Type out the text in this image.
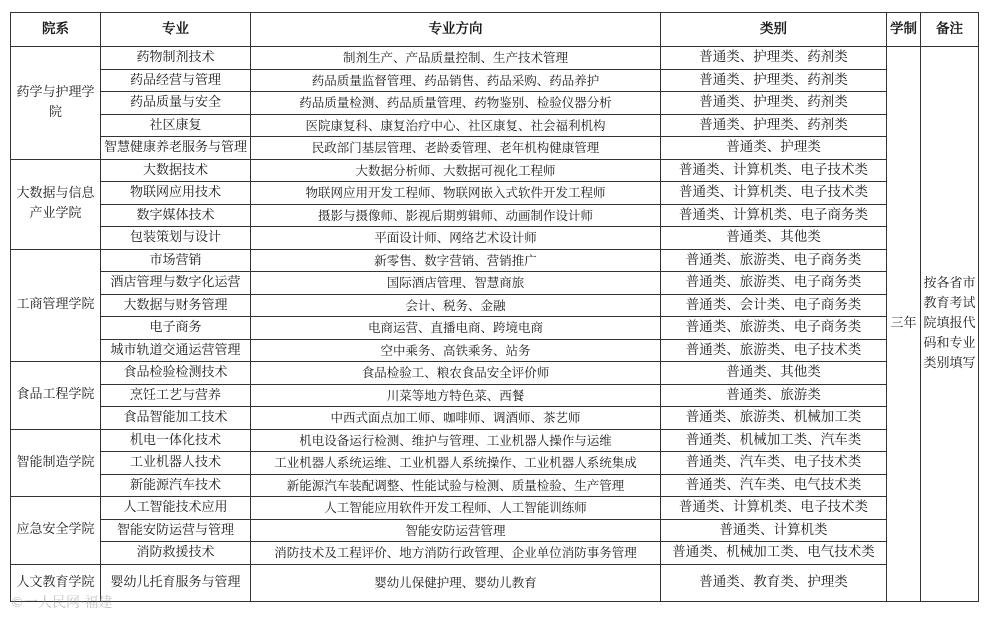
院系	专业	专业方向	类别	学制	备注
药学与护理学院	药物制剂技术	制剂生产、产品质量控制、生产技术管理	普通类、护理类、药剂类	三年	按各省市教育考试院填报代码和专业类别填写
	药品经营与管理	药品质量监督管理、药品销售、药品采购、药品养护	普通类、护理类、药剂类		
	药品质量与安全	药品质量检测、药品质量管理、药物鉴别、检验仪器分析	普通类、护理类、药剂类		
	社区康复	医院康复科、康复治疗中心、社区康复、社会福利机构	普通类、护理类、药剂类		
	智慧健康养老服务与管理	民政部门基层管理、老龄委管理、老年机构健康管理	普通类、护理类		
大数据与信息产业学院	大数据技术	大数据分析师、大数据可视化工程师	普通类、计算机类、电子技术类		
	物联网应用技术	物联网应用开发工程师、物联网嵌入式软件开发工程师	普通类、计算机类、电子技术类		
	数字媒体技术	摄影与摄像师、影视后期剪辑师、动画制作设计师	普通类、计算机类、电子商务类		
	包装策划与设计	平面设计师、网络艺术设计师	普通类、其他类		
工商管理学院	市场营销	新零售、数字营销、营销推广	普通类、旅游类、电子商务类		
	酒店管理与数字化运营	国际酒店管理、智慧商旅	普通类、旅游类、电子商务类		
	大数据与财务管理	会计、税务、金融	普通类、会计类、电子商务类		
	电子商务	电商运营、直播电商、跨境电商	普通类、旅游类、电子商务类		
	城市轨道交通运营管理	空中乘务、高铁乘务、站务	普通类、旅游类、电子技术类		
食品工程学院	食品检验检测技术	食品检验工、粮农食品安全评价师	普通类、其他类		
	烹饪工艺与营养	川菜等地方特色菜、西餐	普通类、旅游类		
	食品智能加工技术	中西式面点加工师、咖啡师、调酒师、茶艺师	普通类、旅游类、机械加工类		
智能制造学院	机电一体化技术	机电设备运行检测、维护与管理、工业机器人操作与运维	普通类、机械加工类、汽车类		
	工业机器人技术	工业机器人系统运维、工业机器人系统操作、工业机器人系统集成	普通类、汽车类、电子技术类		
	新能源汽车技术	新能源汽车装配调整、性能试验与检测、质量检验、生产管理	普通类、汽车类、电气技术类		
应急安全学院	人工智能技术应用	人工智能应用软件开发工程师、人工智能训练师	普通类、计算机类、电子技术类		
	智能安防运营与管理	智能安防运营管理	普通类、计算机类		
	消防救援技术	消防技术及工程评价、地方消防行政管理、企业单位消防事务管理	普通类、机械加工类、电气技术类		
人文教育学院	婴幼儿托育服务与管理	婴幼儿保健护理、婴幼儿教育	普通类、教育类、护理类		
©一人民网·福建
